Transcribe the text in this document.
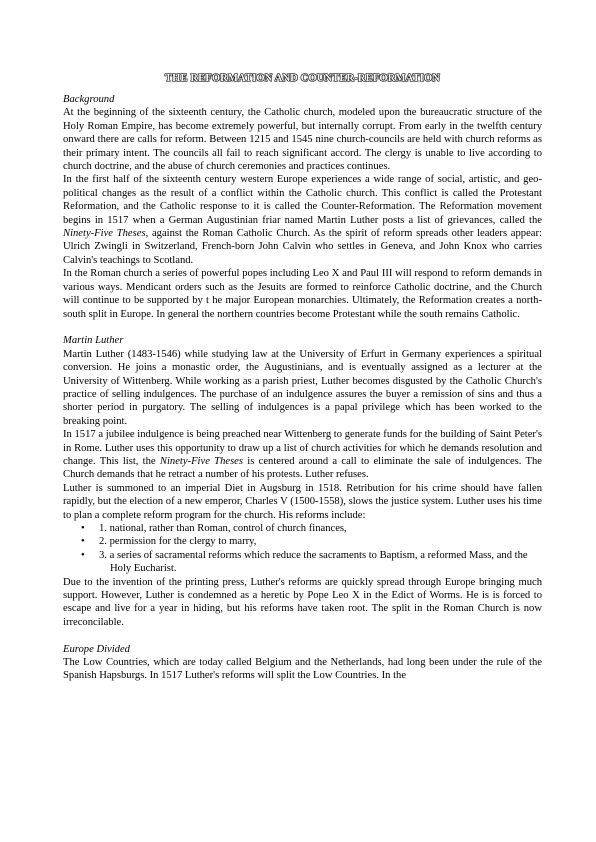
THE REFORMATION AND COUNTER-REFORMATION

Background

At the beginning of the sixteenth century, the Catholic church, modeled upon the bureaucratic structure of the Holy Roman Empire, has become extremely powerful, but internally corrupt. From early in the twelfth century onward there are calls for reform. Between 1215 and 1545 nine church-councils are held with church reforms as their primary intent. The councils all fail to reach significant accord. The clergy is unable to live according to church doctrine, and the abuse of church ceremonies and practices continues.

In the first half of the sixteenth century western Europe experiences a wide range of social, artistic, and geo-political changes as the result of a conflict within the Catholic church. This conflict is called the Protestant Reformation, and the Catholic response to it is called the Counter-Reformation. The Reformation movement begins in 1517 when a German Augustinian friar named Martin Luther posts a list of grievances, called the Ninety-Five Theses, against the Roman Catholic Church. As the spirit of reform spreads other leaders appear: Ulrich Zwingli in Switzerland, French-born John Calvin who settles in Geneva, and John Knox who carries Calvin's teachings to Scotland.

In the Roman church a series of powerful popes including Leo X and Paul III will respond to reform demands in various ways. Mendicant orders such as the Jesuits are formed to reinforce Catholic doctrine, and the Church will continue to be supported by t he major European monarchies. Ultimately, the Reformation creates a north-south split in Europe. In general the northern countries become Protestant while the south remains Catholic.

Martin Luther

Martin Luther (1483-1546) while studying law at the University of Erfurt in Germany experiences a spiritual conversion. He joins a monastic order, the Augustinians, and is eventually assigned as a lecturer at the University of Wittenberg. While working as a parish priest, Luther becomes disgusted by the Catholic Church's practice of selling indulgences. The purchase of an indulgence assures the buyer a remission of sins and thus a shorter period in purgatory. The selling of indulgences is a papal privilege which has been worked to the breaking point.

In 1517 a jubilee indulgence is being preached near Wittenberg to generate funds for the building of Saint Peter's in Rome. Luther uses this opportunity to draw up a list of church activities for which he demands resolution and change. This list, the Ninety-Five Theses is centered around a call to eliminate the sale of indulgences. The Church demands that he retract a number of his protests. Luther refuses.

Luther is summoned to an imperial Diet in Augsburg in 1518. Retribution for his crime should have fallen rapidly, but the election of a new emperor, Charles V (1500-1558), slows the justice system. Luther uses his time to plan a complete reform program for the church. His reforms include:

• 1. national, rather than Roman, control of church finances,
• 2. permission for the clergy to marry,
• 3. a series of sacramental reforms which reduce the sacraments to Baptism, a reformed Mass, and the Holy Eucharist.

Due to the invention of the printing press, Luther's reforms are quickly spread through Europe bringing much support. However, Luther is condemned as a heretic by Pope Leo X in the Edict of Worms. He is is forced to escape and live for a year in hiding, but his reforms have taken root. The split in the Roman Church is now irreconcilable.

Europe Divided

The Low Countries, which are today called Belgium and the Netherlands, had long been under the rule of the Spanish Hapsburgs. In 1517 Luther's reforms will split the Low Countries. In the
